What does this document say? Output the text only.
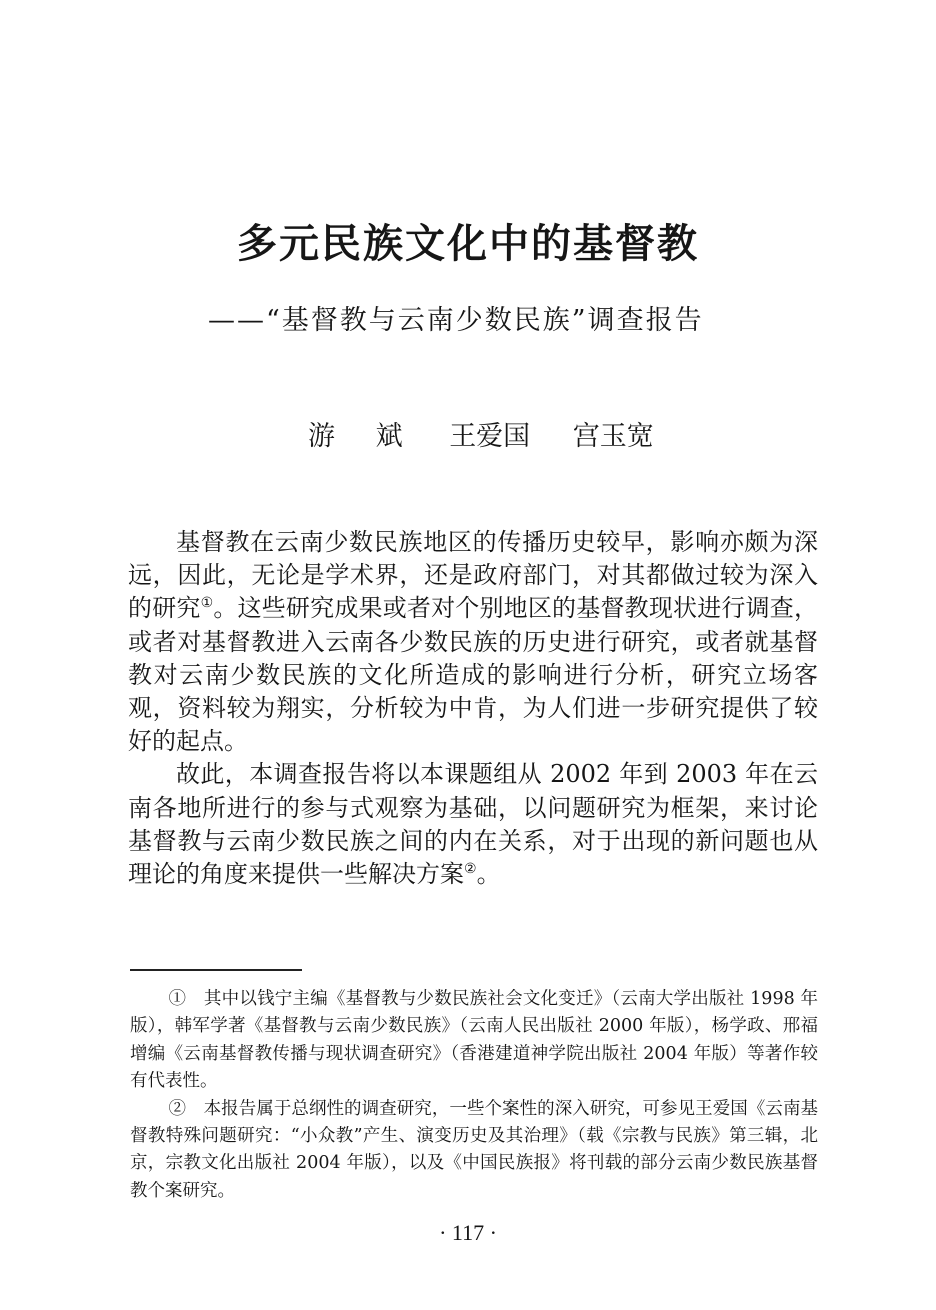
多元民族文化中的基督教
——“基督教与云南少数民族”调查报告
游 斌 王爱国 宫玉宽

基督教在云南少数民族地区的传播历史较早，影响亦颇为深远，因此，无论是学术界，还是政府部门，对其都做过较为深入的研究①。这些研究成果或者对个别地区的基督教现状进行调查，或者对基督教进入云南各少数民族的历史进行研究，或者就基督教对云南少数民族的文化所造成的影响进行分析，研究立场客观，资料较为翔实，分析较为中肯，为人们进一步研究提供了较好的起点。

故此，本调查报告将以本课题组从 2002 年到 2003 年在云南各地所进行的参与式观察为基础，以问题研究为框架，来讨论基督教与云南少数民族之间的内在关系，对于出现的新问题也从理论的角度来提供一些解决方案②。

①　其中以钱宁主编《基督教与少数民族社会文化变迁》（云南大学出版社 1998 年版），韩军学著《基督教与云南少数民族》（云南人民出版社 2000 年版），杨学政、邢福增编《云南基督教传播与现状调查研究》（香港建道神学院出版社 2004 年版）等著作较有代表性。

②　本报告属于总纲性的调查研究，一些个案性的深入研究，可参见王爱国《云南基督教特殊问题研究：“小众教”产生、演变历史及其治理》（载《宗教与民族》第三辑，北京，宗教文化出版社 2004 年版），以及《中国民族报》将刊载的部分云南少数民族基督教个案研究。

· 117 ·
